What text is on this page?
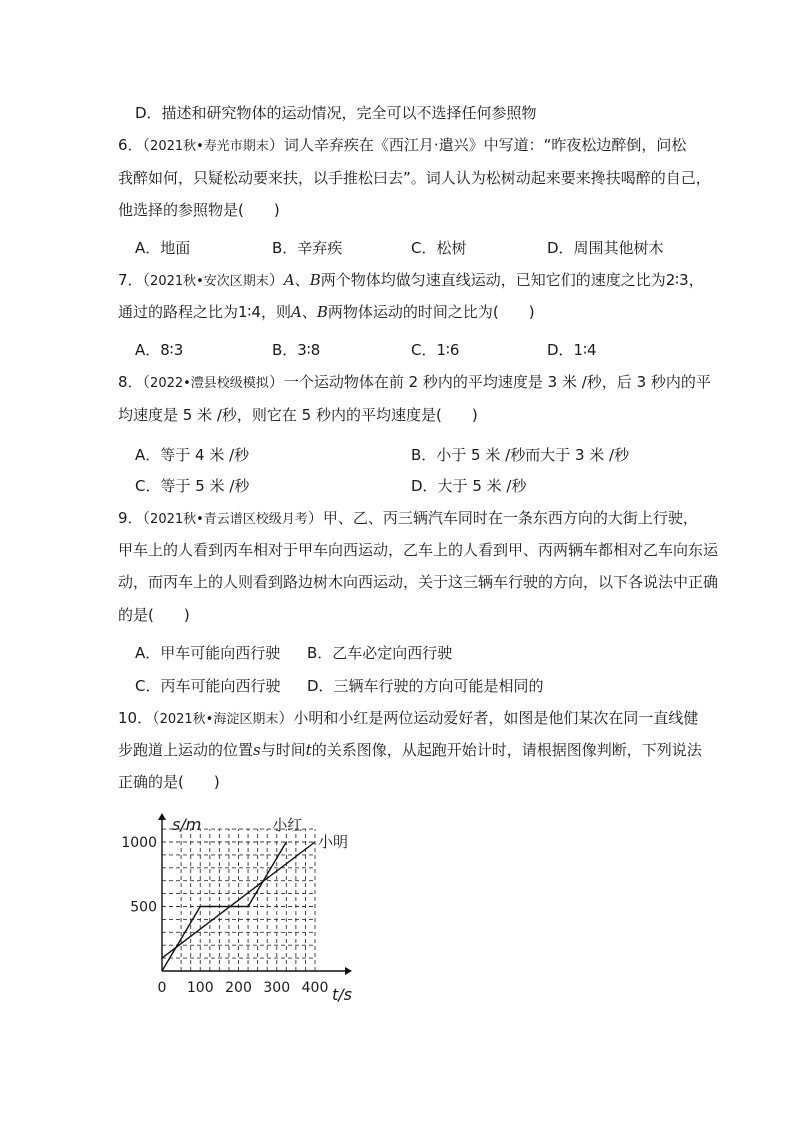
D．描述和研究物体的运动情况，完全可以不选择任何参照物
6．（2021秋•寿光市期末）词人辛弃疾在《西江月·遣兴》中写道：“昨夜松边醉倒，问松
我醉如何，只疑松动要来扶，以手推松曰去”。词人认为松树动起来要来搀扶喝醉的自己，
他选择的参照物是(　　)
A．地面	B．辛弃疾	C．松树	D．周围其他树木
7．（2021秋•安次区期末）A、B两个物体均做匀速直线运动，已知它们的速度之比为2∶3，
通过的路程之比为1∶4，则A、B两物体运动的时间之比为(　　)
A．8∶3	B．3∶8	C．1∶6	D．1∶4
8．（2022•澧县校级模拟）一个运动物体在前 2 秒内的平均速度是 3 米 /秒，后 3 秒内的平
均速度是 5 米 /秒，则它在 5 秒内的平均速度是(　　)
A．等于 4 米 /秒	B．小于 5 米 /秒而大于 3 米 /秒
C．等于 5 米 /秒	D．大于 5 米 /秒
9．（2021秋•青云谱区校级月考）甲、乙、丙三辆汽车同时在一条东西方向的大街上行驶，
甲车上的人看到丙车相对于甲车向西运动，乙车上的人看到甲、丙两辆车都相对乙车向东运
动，而丙车上的人则看到路边树木向西运动，关于这三辆车行驶的方向，以下各说法中正确
的是(　　)
A．甲车可能向西行驶 B．乙车必定向西行驶
C．丙车可能向西行驶 D．三辆车行驶的方向可能是相同的
10．（2021秋•海淀区期末）小明和小红是两位运动爱好者，如图是他们某次在同一直线健
步跑道上运动的位置s与时间t的关系图像，从起跑开始计时，请根据图像判断，下列说法
正确的是(　　)
0 100 200 300 400
500
1000
s/m
t/s
小红
小明
